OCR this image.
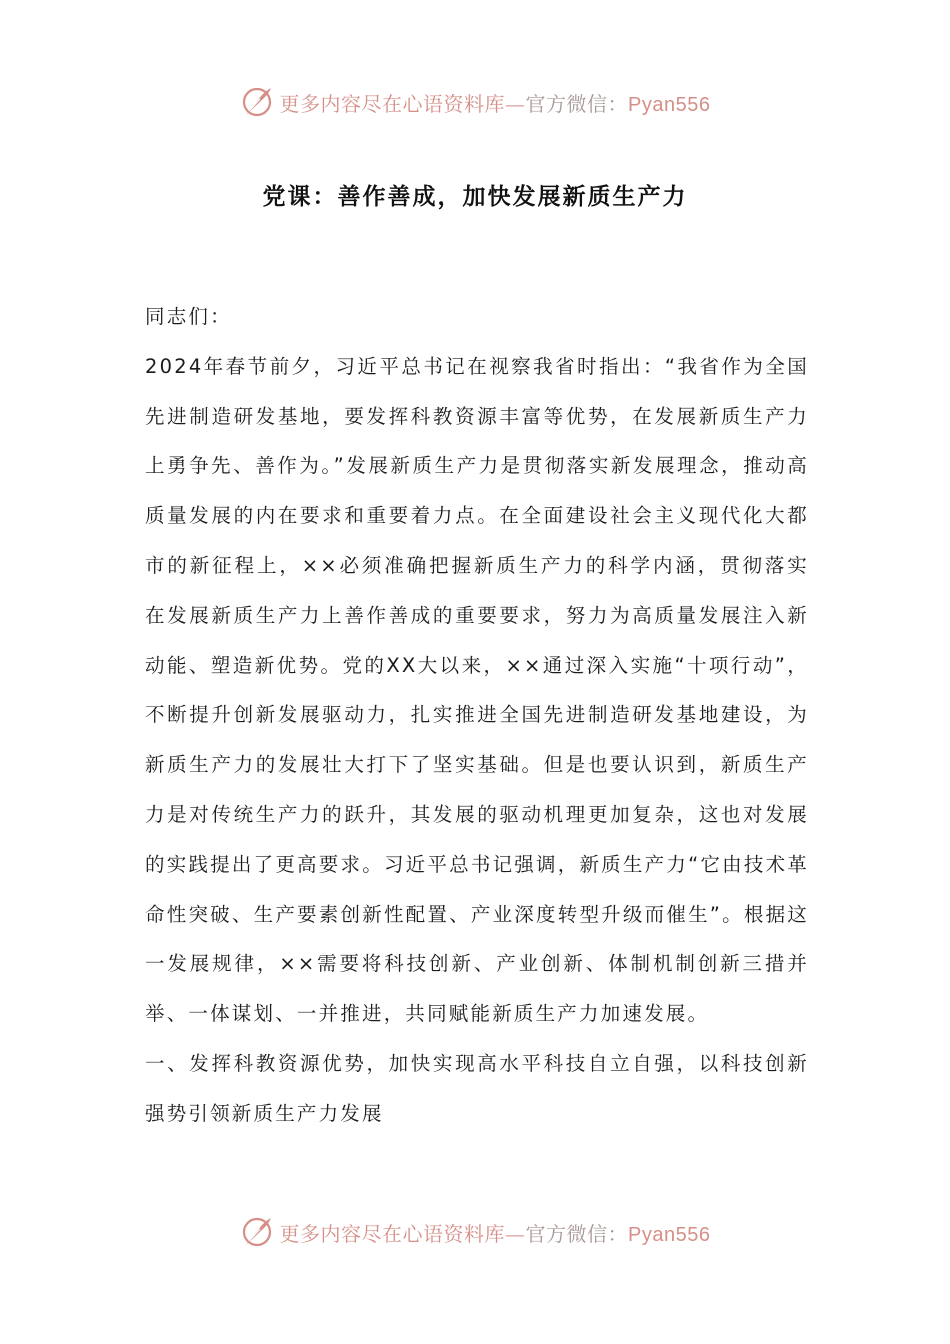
更多内容尽在心语资料库—官方微信：Pyan556
党课：善作善成，加快发展新质生产力

同志们：

2024年春节前夕，习近平总书记在视察我省时指出：“我省作为全国先进制造研发基地，要发挥科教资源丰富等优势，在发展新质生产力上勇争先、善作为。”发展新质生产力是贯彻落实新发展理念，推动高质量发展的内在要求和重要着力点。在全面建设社会主义现代化大都市的新征程上，××必须准确把握新质生产力的科学内涵，贯彻落实在发展新质生产力上善作善成的重要要求，努力为高质量发展注入新动能、塑造新优势。党的XX大以来，××通过深入实施“十项行动”，不断提升创新发展驱动力，扎实推进全国先进制造研发基地建设，为新质生产力的发展壮大打下了坚实基础。但是也要认识到，新质生产力是对传统生产力的跃升，其发展的驱动机理更加复杂，这也对发展的实践提出了更高要求。习近平总书记强调，新质生产力“它由技术革命性突破、生产要素创新性配置、产业深度转型升级而催生”。根据这一发展规律，××需要将科技创新、产业创新、体制机制创新三措并举、一体谋划、一并推进，共同赋能新质生产力加速发展。

一、发挥科教资源优势，加快实现高水平科技自立自强，以科技创新强势引领新质生产力发展

更多内容尽在心语资料库—官方微信：Pyan556
